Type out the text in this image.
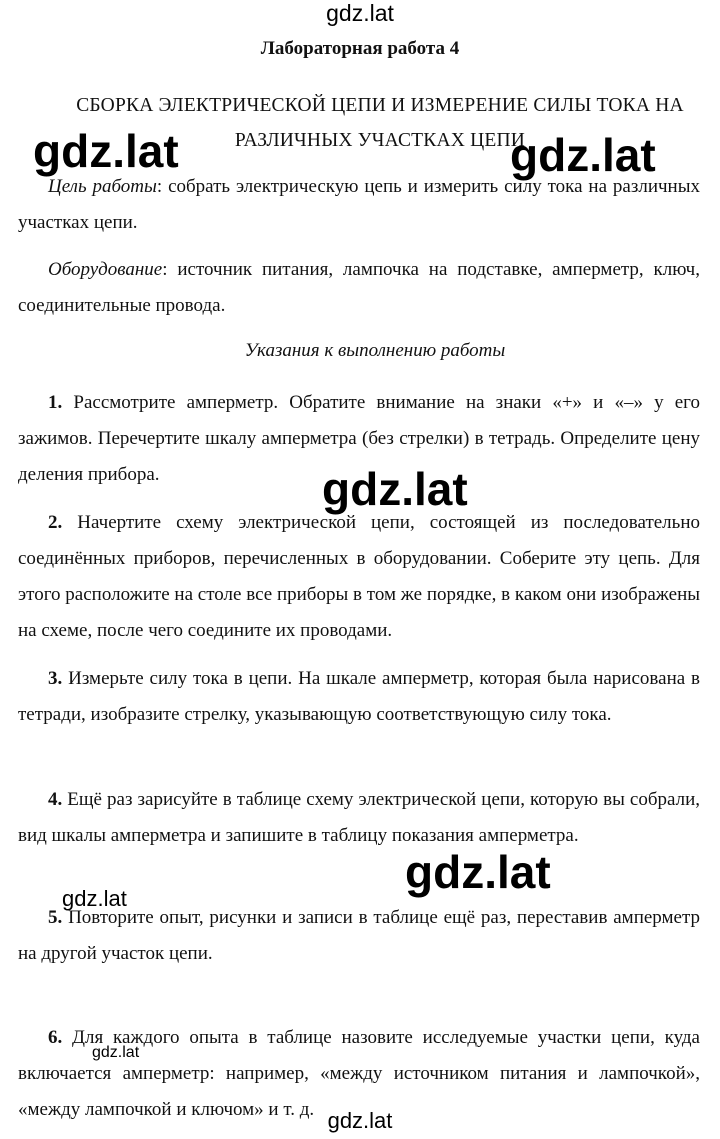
Лабораторная работа 4
СБОРКА ЭЛЕКТРИЧЕСКОЙ ЦЕПИ И ИЗМЕРЕНИЕ СИЛЫ ТОКА НА
РАЗЛИЧНЫХ УЧАСТКАХ ЦЕПИ
Цель работы: собрать электрическую цепь и измерить силу тока на различных участках цепи.
Оборудование: источник питания, лампочка на подставке, амперметр, ключ, соединительные провода.
Указания к выполнению работы
1. Рассмотрите амперметр. Обратите внимание на знаки «+» и «–» у его зажимов. Перечертите шкалу амперметра (без стрелки) в тетрадь. Определите цену деления прибора.
2. Начертите схему электрической цепи, состоящей из последовательно соединённых приборов, перечисленных в оборудовании. Соберите эту цепь. Для этого расположите на столе все приборы в том же порядке, в каком они изображены на схеме, после чего соедините их проводами.
3. Измерьте силу тока в цепи. На шкале амперметр, которая была нарисована в тетради, изобразите стрелку, указывающую соответствующую силу тока.
4. Ещё раз зарисуйте в таблице схему электрической цепи, которую вы собрали, вид шкалы амперметра и запишите в таблицу показания амперметра.
5. Повторите опыт, рисунки и записи в таблице ещё раз, переставив амперметр на другой участок цепи.
6. Для каждого опыта в таблице назовите исследуемые участки цепи, куда включается амперметр: например, «между источником питания и лампочкой», «между лампочкой и ключом» и т. д.
gdz.lat
gdz.lat	gdz.lat
gdz.lat
gdz.lat
gdz.lat
gdz.lat
gdz.lat
